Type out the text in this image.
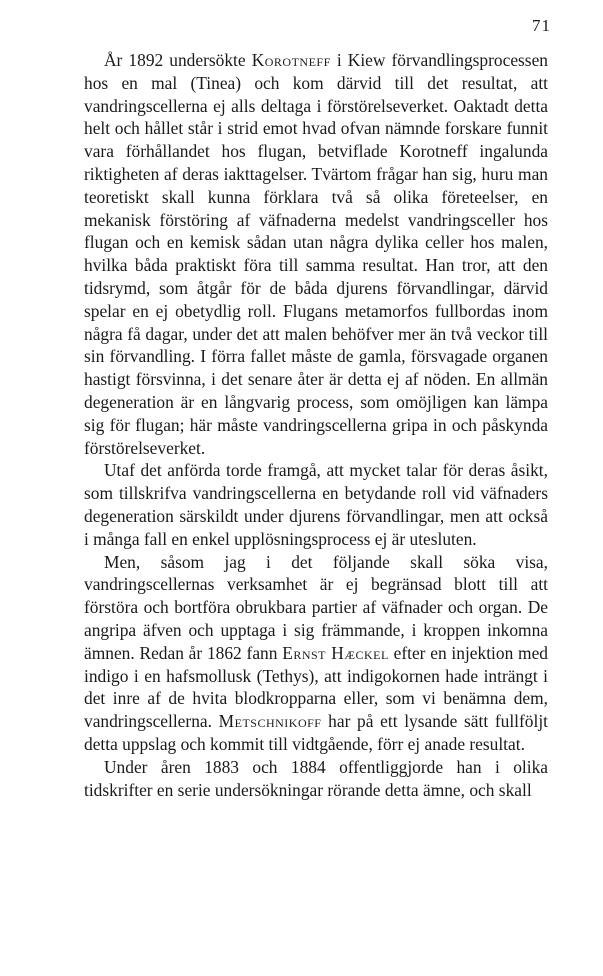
71

År 1892 undersökte Korotneff i Kiew förvandlingsprocessen hos en mal (Tinea) och kom därvid till det resultat, att vandringscellerna ej alls deltaga i förstörelseverket. Oaktadt detta helt och hållet står i strid emot hvad ofvan nämnde forskare funnit vara förhållandet hos flugan, betviflade Korotneff ingalunda riktigheten af deras iakttagelser. Tvärtom frågar han sig, huru man teoretiskt skall kunna förklara två så olika företeelser, en mekanisk förstöring af väfnaderna medelst vandringsceller hos flugan och en kemisk sådan utan några dylika celler hos malen, hvilka båda praktiskt föra till samma resultat. Han tror, att den tidsrymd, som åtgår för de båda djurens förvandlingar, därvid spelar en ej obetydlig roll. Flugans metamorfos fullbordas inom några få dagar, under det att malen behöfver mer än två veckor till sin förvandling. I förra fallet måste de gamla, försvagade organen hastigt försvinna, i det senare åter är detta ej af nöden. En allmän degeneration är en långvarig process, som omöjligen kan lämpa sig för flugan; här måste vandringscellerna gripa in och påskynda förstörelseverket.

Utaf det anförda torde framgå, att mycket talar för deras åsikt, som tillskrifva vandringscellerna en betydande roll vid väfnaders degeneration särskildt under djurens förvandlingar, men att också i många fall en enkel upplösningsprocess ej är utesluten.

Men, såsom jag i det följande skall söka visa, vandringscellernas verksamhet är ej begränsad blott till att förstöra och bortföra obrukbara partier af väfnader och organ. De angripa äfven och upptaga i sig främmande, i kroppen inkomna ämnen. Redan år 1862 fann Ernst Hæckel efter en injektion med indigo i en hafsmollusk (Tethys), att indigokornen hade inträngt i det inre af de hvita blodkropparna eller, som vi benämna dem, vandringscellerna. Metschnikoff har på ett lysande sätt fullföljt detta uppslag och kommit till vidtgående, förr ej anade resultat.

Under åren 1883 och 1884 offentliggjorde han i olika tidskrifter en serie undersökningar rörande detta ämne, och skall
